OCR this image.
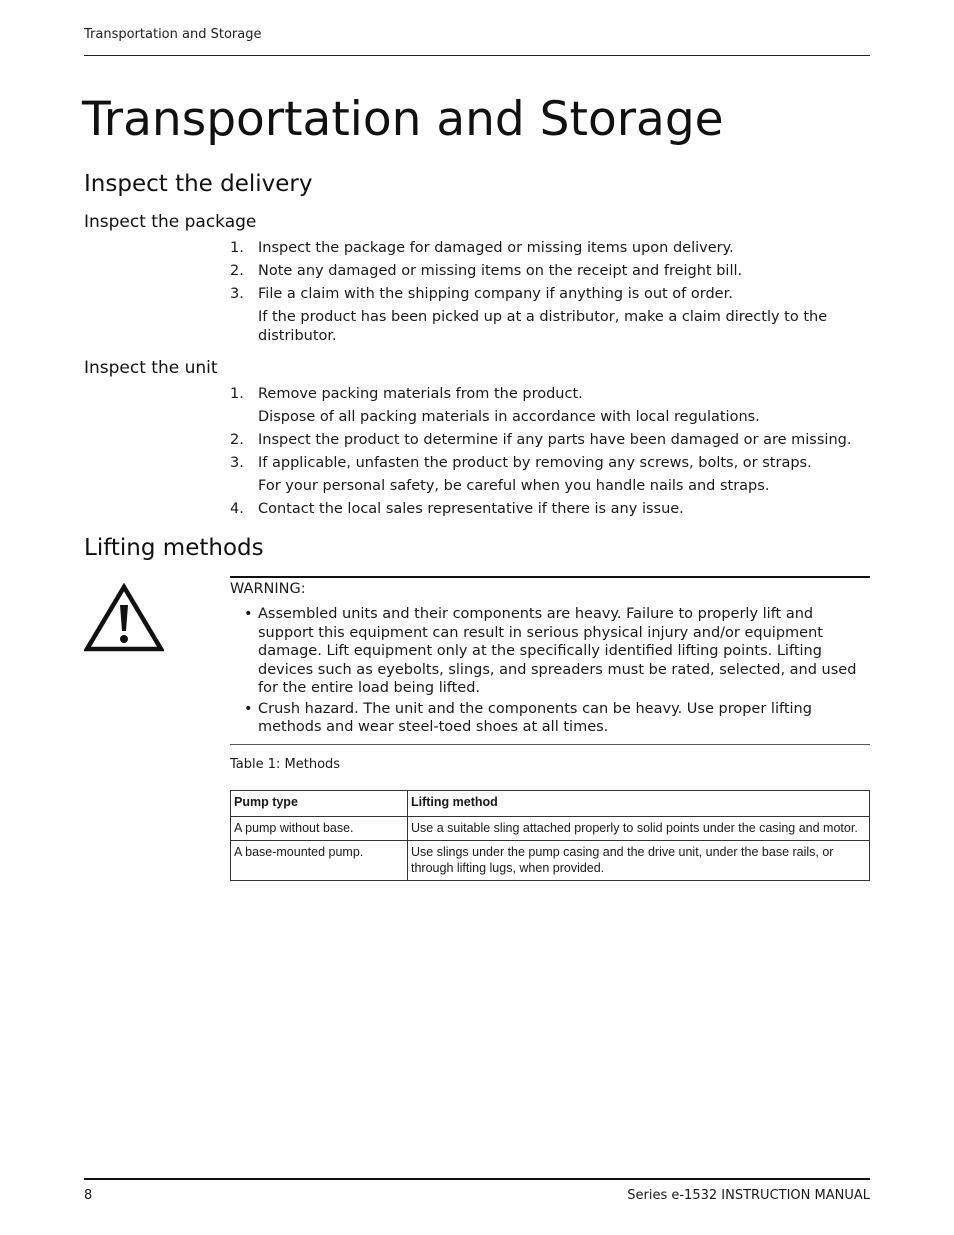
Transportation and Storage
Transportation and Storage
Inspect the delivery
Inspect the package
1. Inspect the package for damaged or missing items upon delivery.
2. Note any damaged or missing items on the receipt and freight bill.
3. File a claim with the shipping company if anything is out of order.
If the product has been picked up at a distributor, make a claim directly to the distributor.
Inspect the unit
1. Remove packing materials from the product.
Dispose of all packing materials in accordance with local regulations.
2. Inspect the product to determine if any parts have been damaged or are missing.
3. If applicable, unfasten the product by removing any screws, bolts, or straps.
For your personal safety, be careful when you handle nails and straps.
4. Contact the local sales representative if there is any issue.
Lifting methods
WARNING:
• Assembled units and their components are heavy. Failure to properly lift and support this equipment can result in serious physical injury and/or equipment damage. Lift equipment only at the specifically identified lifting points. Lifting devices such as eyebolts, slings, and spreaders must be rated, selected, and used for the entire load being lifted.
• Crush hazard. The unit and the components can be heavy. Use proper lifting methods and wear steel-toed shoes at all times.
Table 1: Methods
Pump type	Lifting method
A pump without base.	Use a suitable sling attached properly to solid points under the casing and motor.
A base-mounted pump.	Use slings under the pump casing and the drive unit, under the base rails, or through lifting lugs, when provided.
8	Series e-1532 INSTRUCTION MANUAL
